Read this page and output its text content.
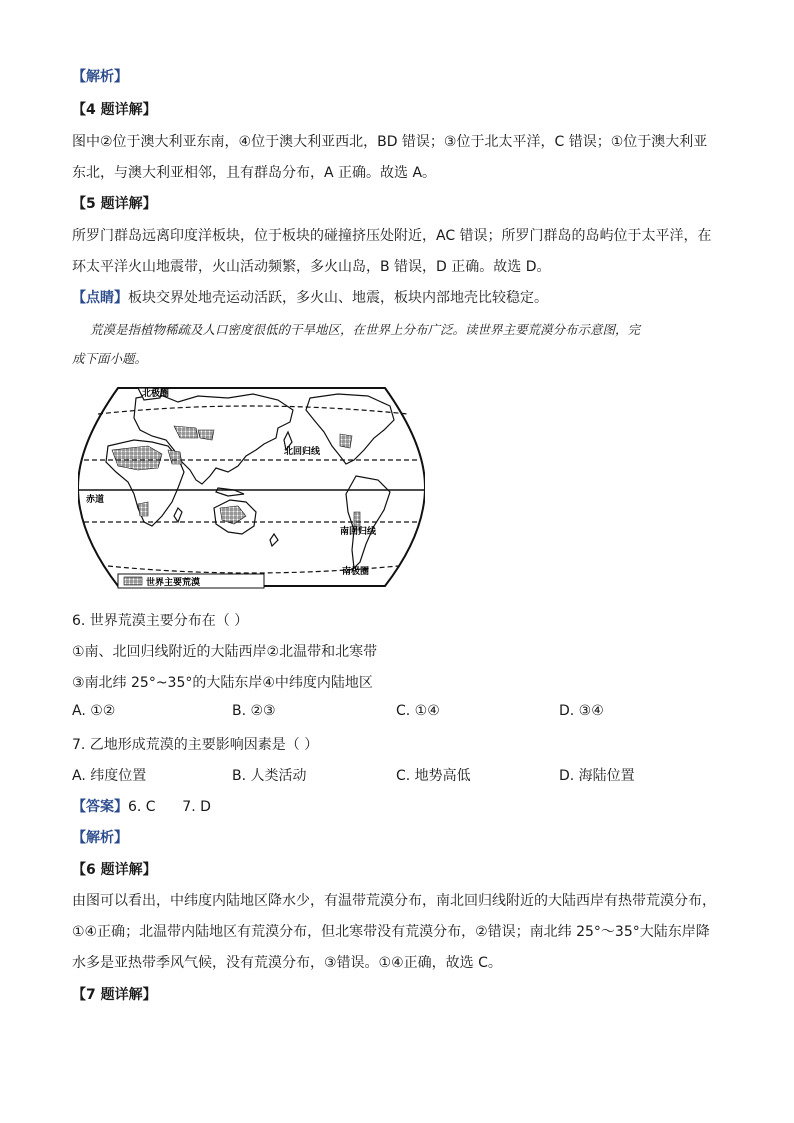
【解析】
【4 题详解】
图中②位于澳大利亚东南，④位于澳大利亚西北，BD 错误；③位于北太平洋，C 错误；①位于澳大利亚
东北，与澳大利亚相邻，且有群岛分布，A 正确。故选 A。
【5 题详解】
所罗门群岛远离印度洋板块，位于板块的碰撞挤压处附近，AC 错误；所罗门群岛的岛屿位于太平洋，在
环太平洋火山地震带，火山活动频繁，多火山岛，B 错误，D 正确。故选 D。
【点睛】板块交界处地壳运动活跃，多火山、地震，板块内部地壳比较稳定。
荒漠是指植物稀疏及人口密度很低的干旱地区，在世界上分布广泛。读世界主要荒漠分布示意图，完
成下面小题。
北极圈
北回归线
赤道
南回归线
南极圈
世界主要荒漠
6. 世界荒漠主要分布在（ ）
①南、北回归线附近的大陆西岸②北温带和北寒带
③南北纬 25°~35°的大陆东岸④中纬度内陆地区
A. ①②	B. ②③	C. ①④	D. ③④
7. 乙地形成荒漠的主要影响因素是（ ）
A. 纬度位置	B. 人类活动	C. 地势高低	D. 海陆位置
【答案】6. C      7. D
【解析】
【6 题详解】
由图可以看出，中纬度内陆地区降水少，有温带荒漠分布，南北回归线附近的大陆西岸有热带荒漠分布，
①④正确；北温带内陆地区有荒漠分布，但北寒带没有荒漠分布，②错误；南北纬 25°～35°大陆东岸降
水多是亚热带季风气候，没有荒漠分布，③错误。①④正确，故选 C。
【7 题详解】
